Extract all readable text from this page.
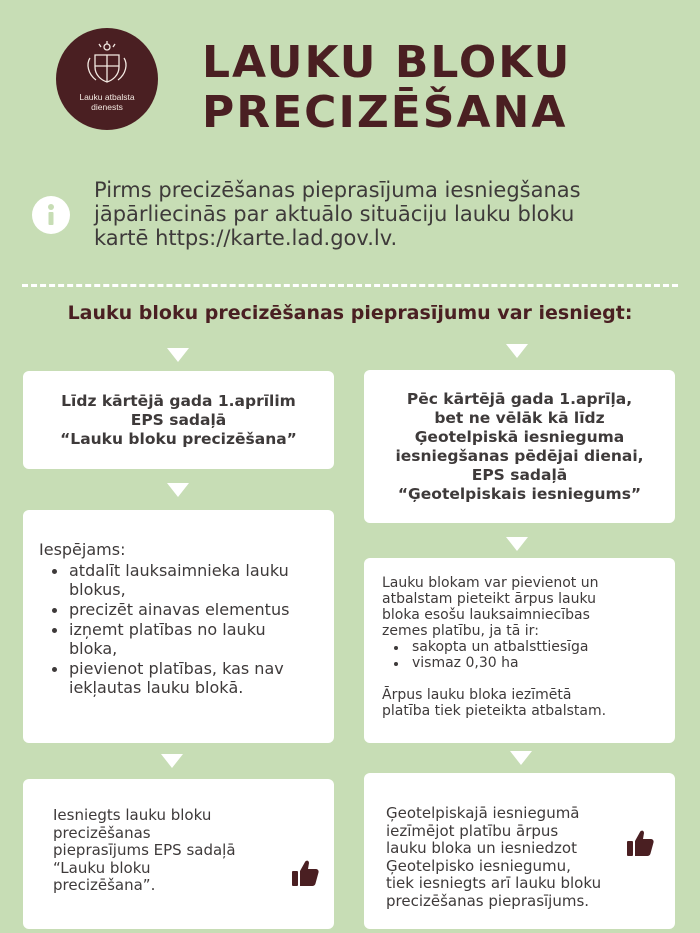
Lauku atbalsta
dienests
LAUKU BLOKU
PRECIZĒŠANA
Pirms precizēšanas pieprasījuma iesniegšanas
jāpārliecinās par aktuālo situāciju lauku bloku
kartē https://karte.lad.gov.lv.
Lauku bloku precizēšanas pieprasījumu var iesniegt:
Līdz kārtējā gada 1.aprīlim
EPS sadaļā
“Lauku bloku precizēšana”
Pēc kārtējā gada 1.aprīļa,
bet ne vēlāk kā līdz
Ģeotelpiskā iesnieguma
iesniegšanas pēdējai dienai,
EPS sadaļā
“Ģeotelpiskais iesniegums”
Iespējams:
atdalīt lauksaimnieka lauku blokus,
precizēt ainavas elementus
izņemt platības no lauku bloka,
pievienot platības, kas nav iekļautas lauku blokā.
Lauku blokam var pievienot un
atbalstam pieteikt ārpus lauku
bloka esošu lauksaimniecības
zemes platību, ja tā ir:
sakopta un atbalsttiesīga
vismaz 0,30 ha
Ārpus lauku bloka iezīmētā
platība tiek pieteikta atbalstam.
Iesniegts lauku bloku
precizēšanas
pieprasījums EPS sadaļā
“Lauku bloku
precizēšana”.
Ģeotelpiskajā iesniegumā
iezīmējot platību ārpus
lauku bloka un iesniedzot
Ģeotelpisko iesniegumu,
tiek iesniegts arī lauku bloku
precizēšanas pieprasījums.
